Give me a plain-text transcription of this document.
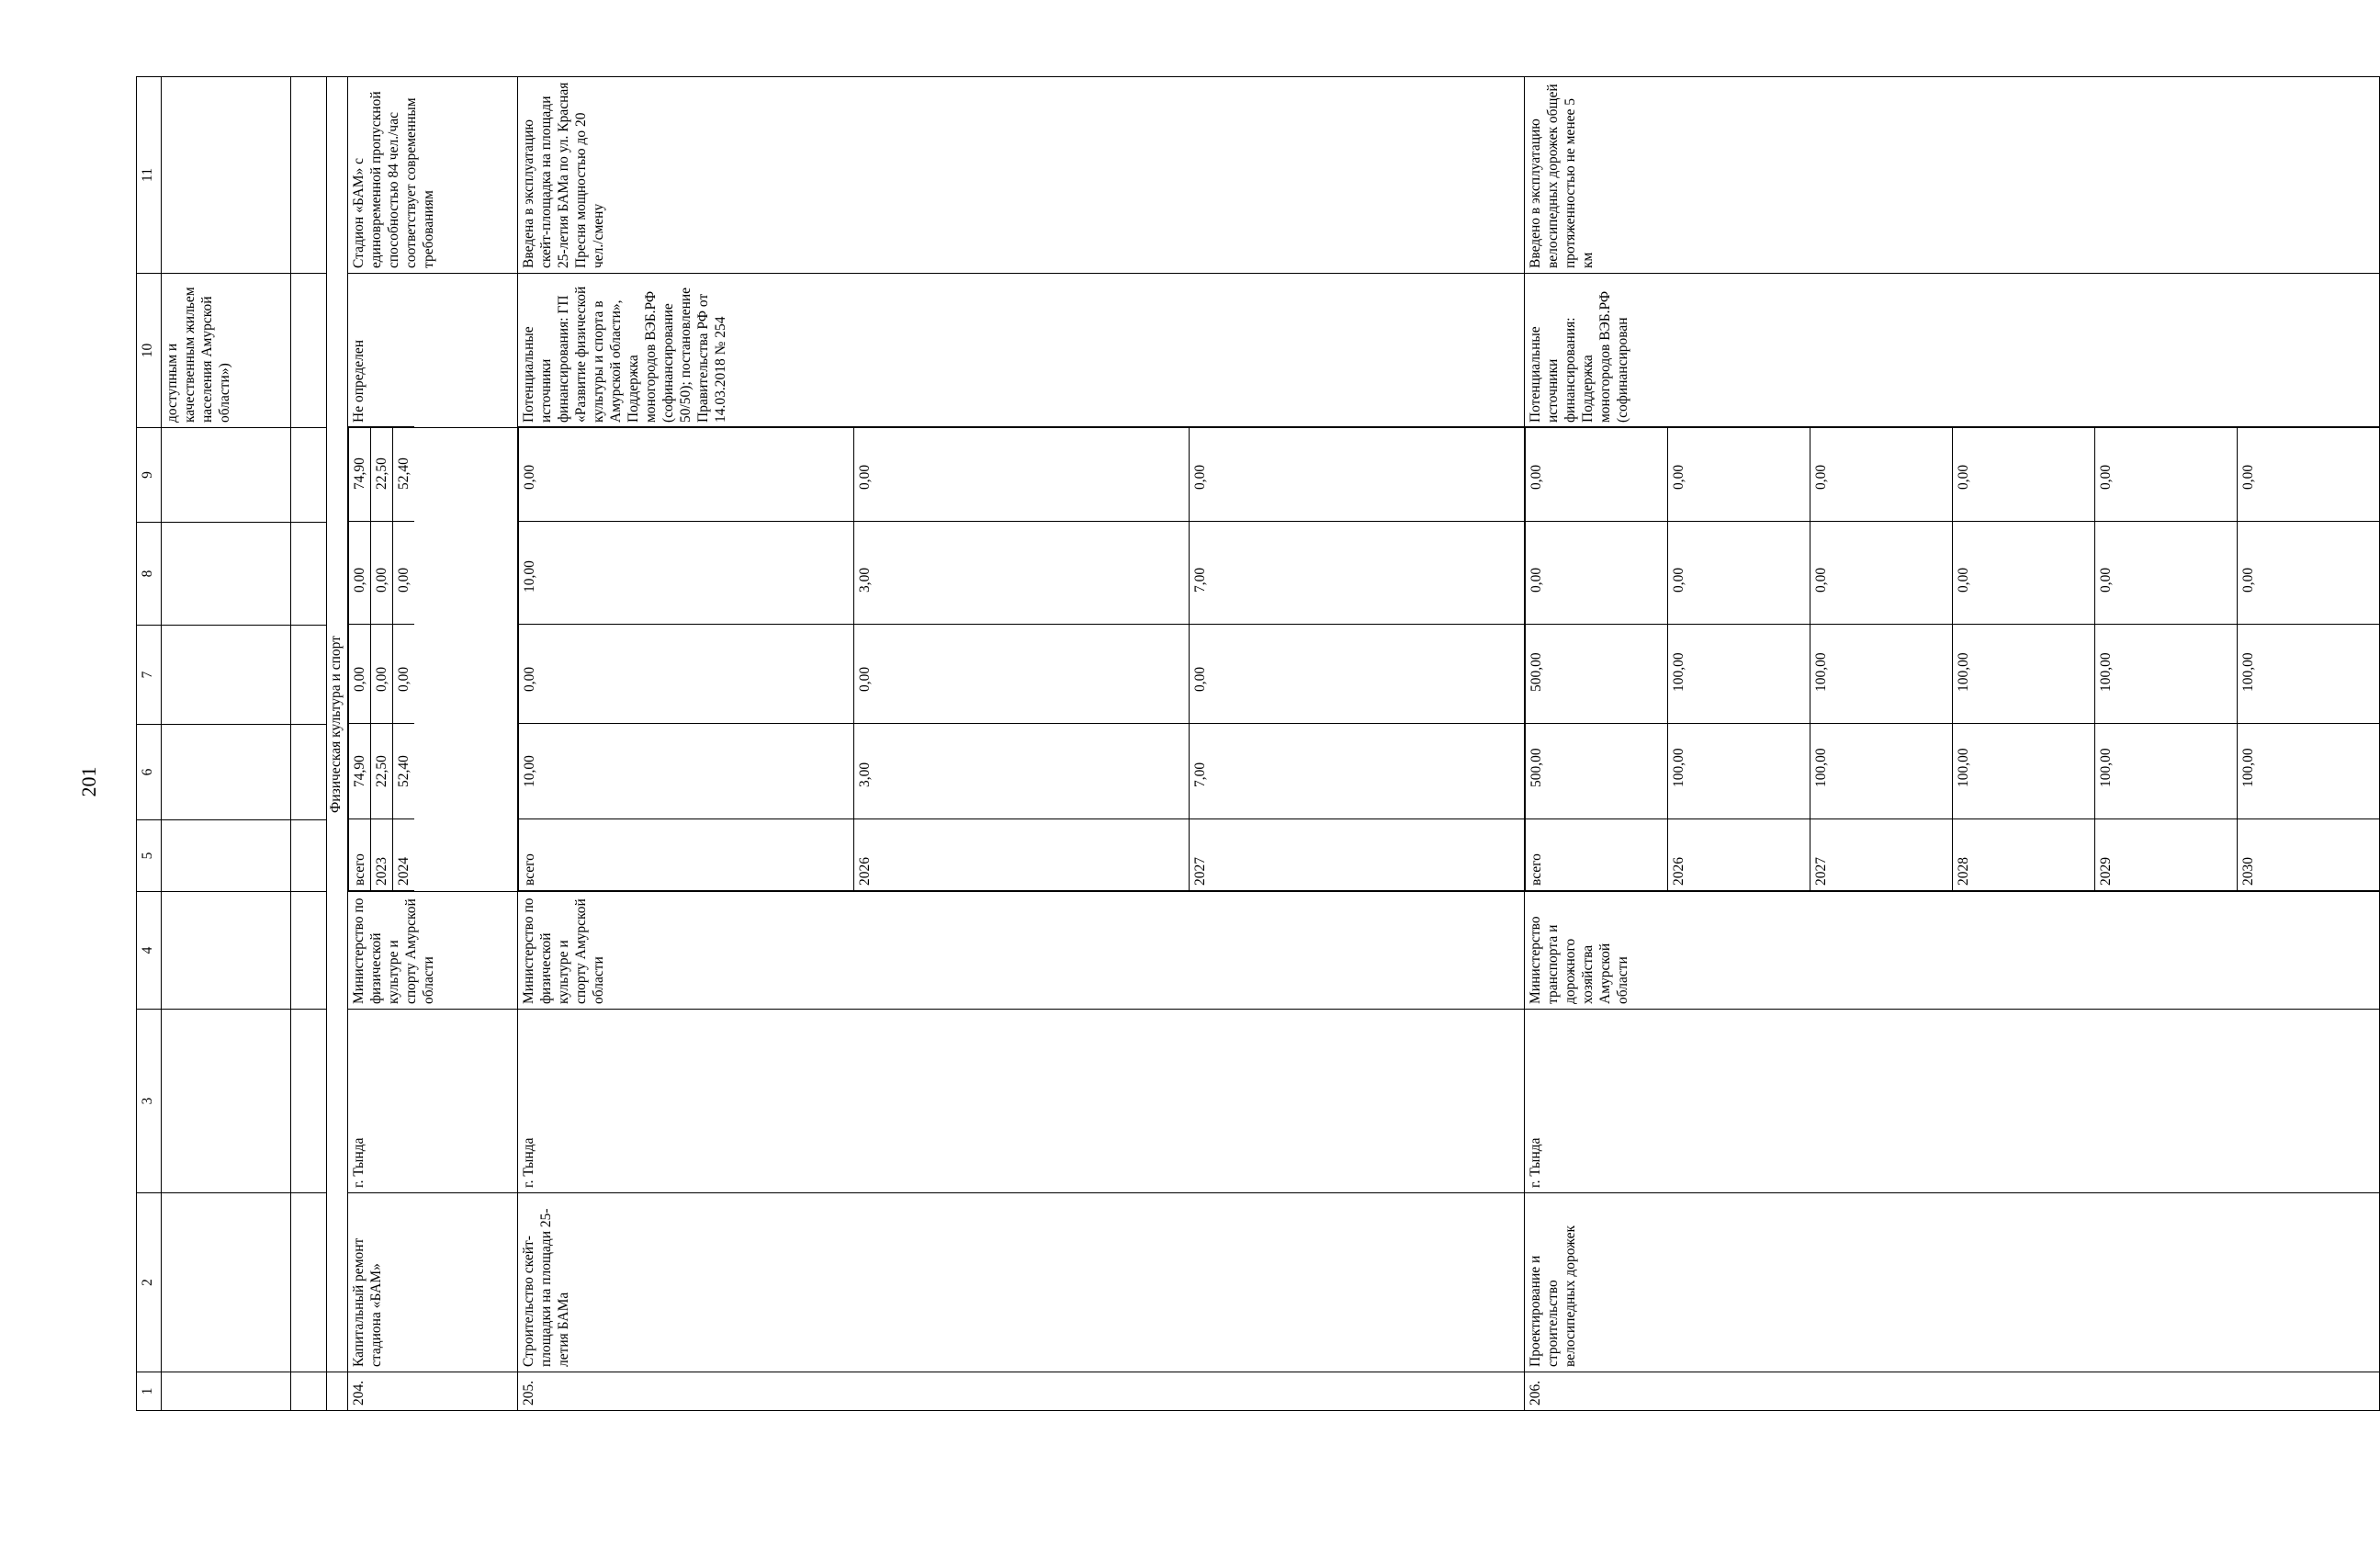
201
1	2	3	4	5	6	7	8	9	10	11
									доступным и качественным жильем населения Амурской области»)	

	Физическая культура и спорт
204.	Капитальный ремонт стадиона «БАМ»	г. Тында	Министерство по физической культуре и спорту Амурской области	
всего	74,90	0,00	0,00	74,90
2023	22,50	0,00	0,00	22,50
2024	52,40	0,00	0,00	52,40
	Не определен	Стадион «БАМ» с единовременной пропускной способностью 84 чел./час соответствует современным требованиям
205.	Строительство скейт-площадки на площади 25-летия БАМа	г. Тында	Министерство по физической культуре и спорту Амурской области	
всего	10,00	0,00	10,00	0,00
2026	3,00	0,00	3,00	0,00
2027	7,00	0,00	7,00	0,00
	Потенциальные источники финансирования: ГП «Развитие физической культуры и спорта в Амурской области», Поддержка моногородов ВЭБ.РФ (софинансирование 50/50); постановление Правительства РФ от 14.03.2018 № 254	Введена в эксплуатацию скейт-площадка на площади 25-летия БАМа по ул. Красная Пресня мощностью до 20 чел./смену
206.	Проектирование и строительство велосипедных дорожек	г. Тында	Министерство транспорта и дорожного хозяйства Амурской области	
всего	500,00	500,00	0,00	0,00
2026	100,00	100,00	0,00	0,00
2027	100,00	100,00	0,00	0,00
2028	100,00	100,00	0,00	0,00
2029	100,00	100,00	0,00	0,00
2030	100,00	100,00	0,00	0,00
	Потенциальные источники финансирования: Поддержка моногородов ВЭБ.РФ (софинансирован	Введено в эксплуатацию велосипедных дорожек общей протяженностью не менее 5 км
